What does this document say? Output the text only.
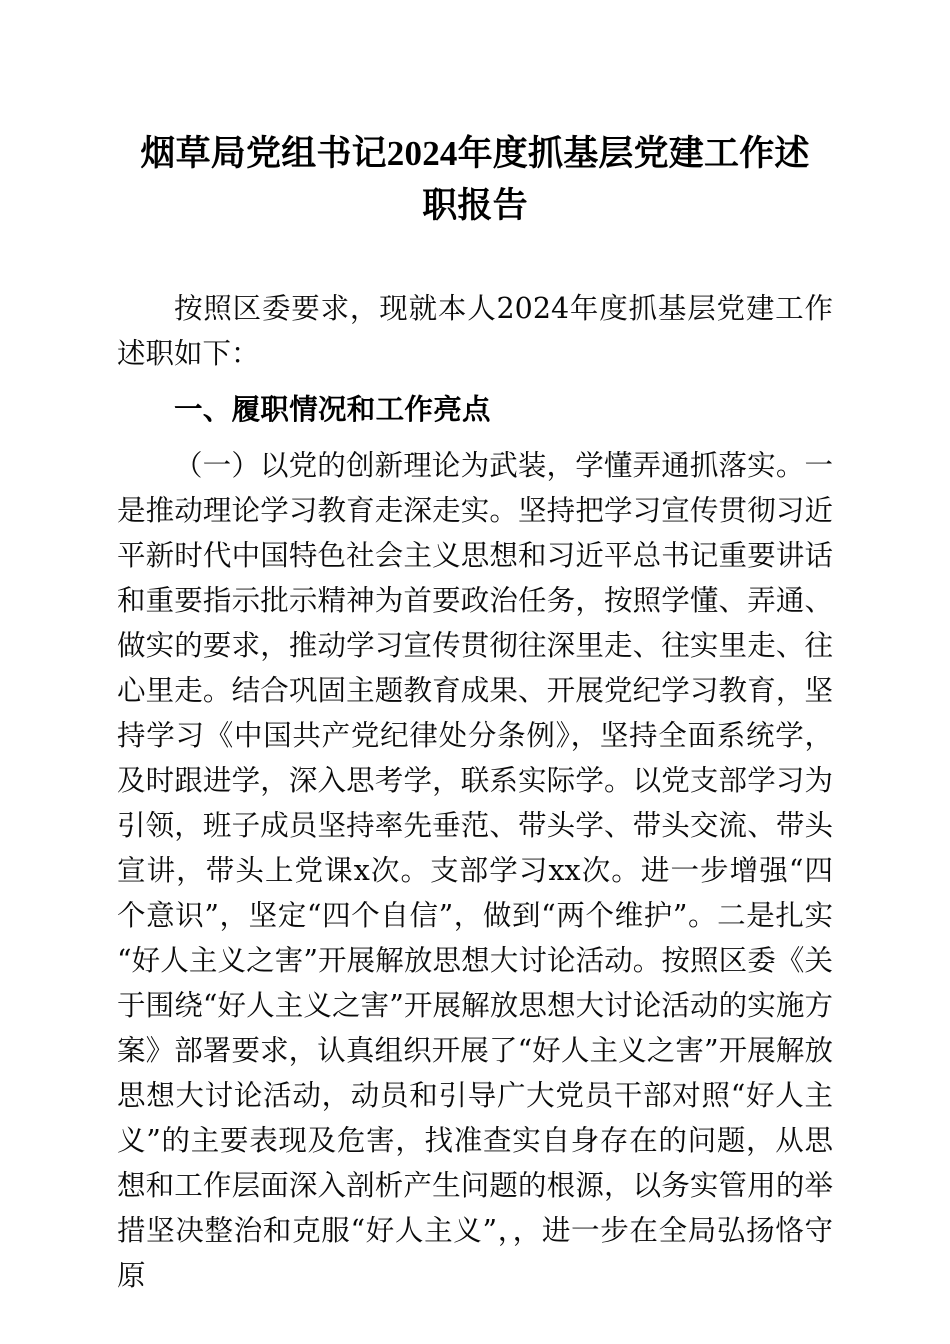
烟草局党组书记2024年度抓基层党建工作述
职报告

按照区委要求，现就本人2024年度抓基层党建工作述职如下：

一、履职情况和工作亮点

（一）以党的创新理论为武装，学懂弄通抓落实。一是推动理论学习教育走深走实。坚持把学习宣传贯彻习近平新时代中国特色社会主义思想和习近平总书记重要讲话和重要指示批示精神为首要政治任务，按照学懂、弄通、做实的要求，推动学习宣传贯彻往深里走、往实里走、往心里走。结合巩固主题教育成果、开展党纪学习教育，坚持学习《中国共产党纪律处分条例》，坚持全面系统学，及时跟进学，深入思考学，联系实际学。以党支部学习为引领，班子成员坚持率先垂范、带头学、带头交流、带头宣讲，带头上党课x次。支部学习xx次。进一步增强“四个意识”，坚定“四个自信”，做到“两个维护”。二是扎实“好人主义之害”开展解放思想大讨论活动。按照区委《关于围绕“好人主义之害”开展解放思想大讨论活动的实施方案》部署要求，认真组织开展了“好人主义之害”开展解放思想大讨论活动，动员和引导广大党员干部对照“好人主义”的主要表现及危害，找准查实自身存在的问题，从思想和工作层面深入剖析产生问题的根源，以务实管用的举措坚决整治和克服“好人主义”，，进一步在全局弘扬恪守原
